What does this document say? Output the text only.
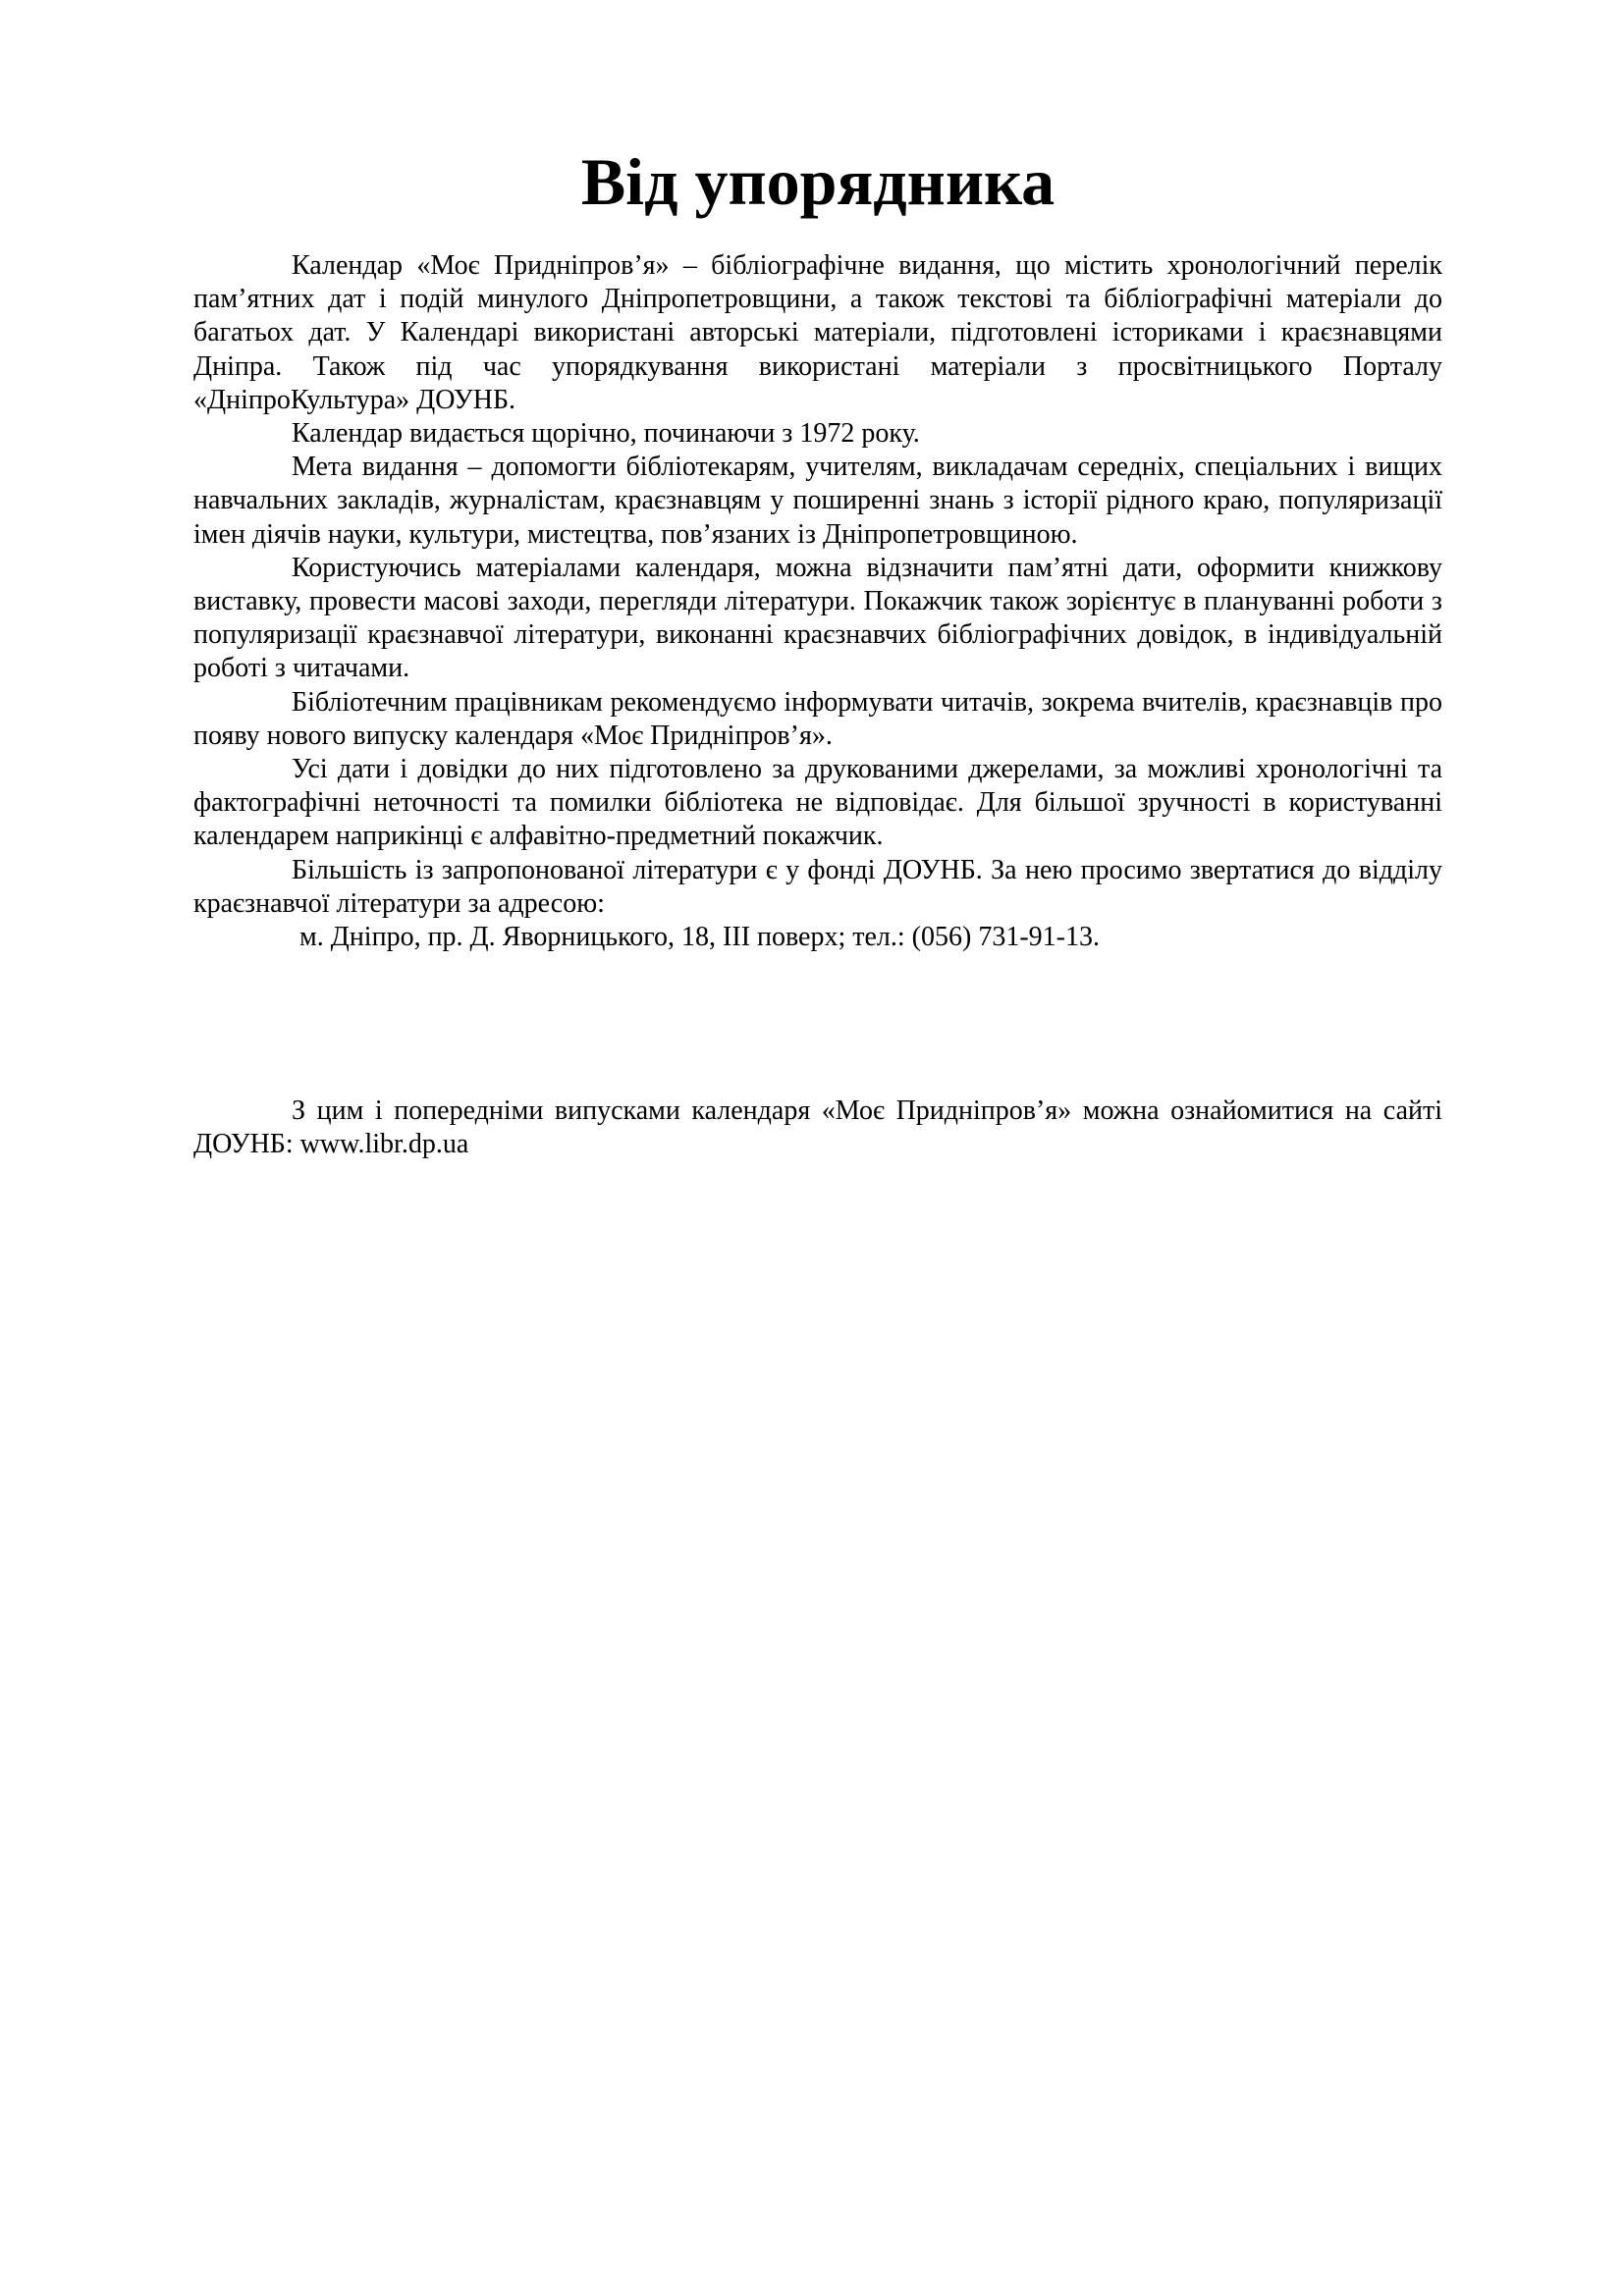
Від упорядника

Календар «Моє Придніпров’я» – бібліографічне видання, що містить хронологічний перелік пам’ятних дат і подій минулого Дніпропетровщини, а також текстові та бібліографічні матеріали до багатьох дат. У Календарі використані авторські матеріали, підготовлені історикaми і краєзнавцями Дніпра. Також під час упорядкування використані матеріали з просвітницького Порталу «ДніпроКультура» ДОУНБ.

Календар видається щорічно, починаючи з 1972 року.

Мета видання – допомогти бібліотекарям, учителям, викладачам середніх, спеціальних і вищих навчальних закладів, журналістам, краєзнавцям у поширенні знань з історії рідного краю, популяризації імен діячів науки, культури, мистецтва, пов’язаних із Дніпропетровщиною.

Користуючись матеріалами календаря, можна відзначити пам’ятні дати, оформити книжкову виставку, провести масові заходи, перегляди літератури. Покажчик також зорієнтує в плануванні роботи з популяризації краєзнавчої літератури, виконанні краєзнавчих бібліографічних довідок, в індивідуальній роботі з читачами.

Бібліотечним працівникам рекомендуємо інформувати читачів, зокрема вчителів, краєзнавців про появу нового випуску календаря «Моє Придніпров’я».

Усі дати і довідки до них підготовлено за друкованими джерелами, за можливі хронологічні та фактографічні неточності та помилки бібліотека не відповідає. Для більшої зручності в користуванні календарем наприкінці є алфавітно-предметний покажчик.

Більшість із запропонованої літератури є у фонді ДОУНБ. За нею просимо звертатися до відділу краєзнавчої літератури за адресою:

м. Дніпро, пр. Д. Яворницького, 18, ІІІ поверх; тел.: (056) 731-91-13.

З цим і попередніми випусками календаря «Моє Придніпров’я» можна ознайомитися на сайті ДОУНБ: www.libr.dp.ua
